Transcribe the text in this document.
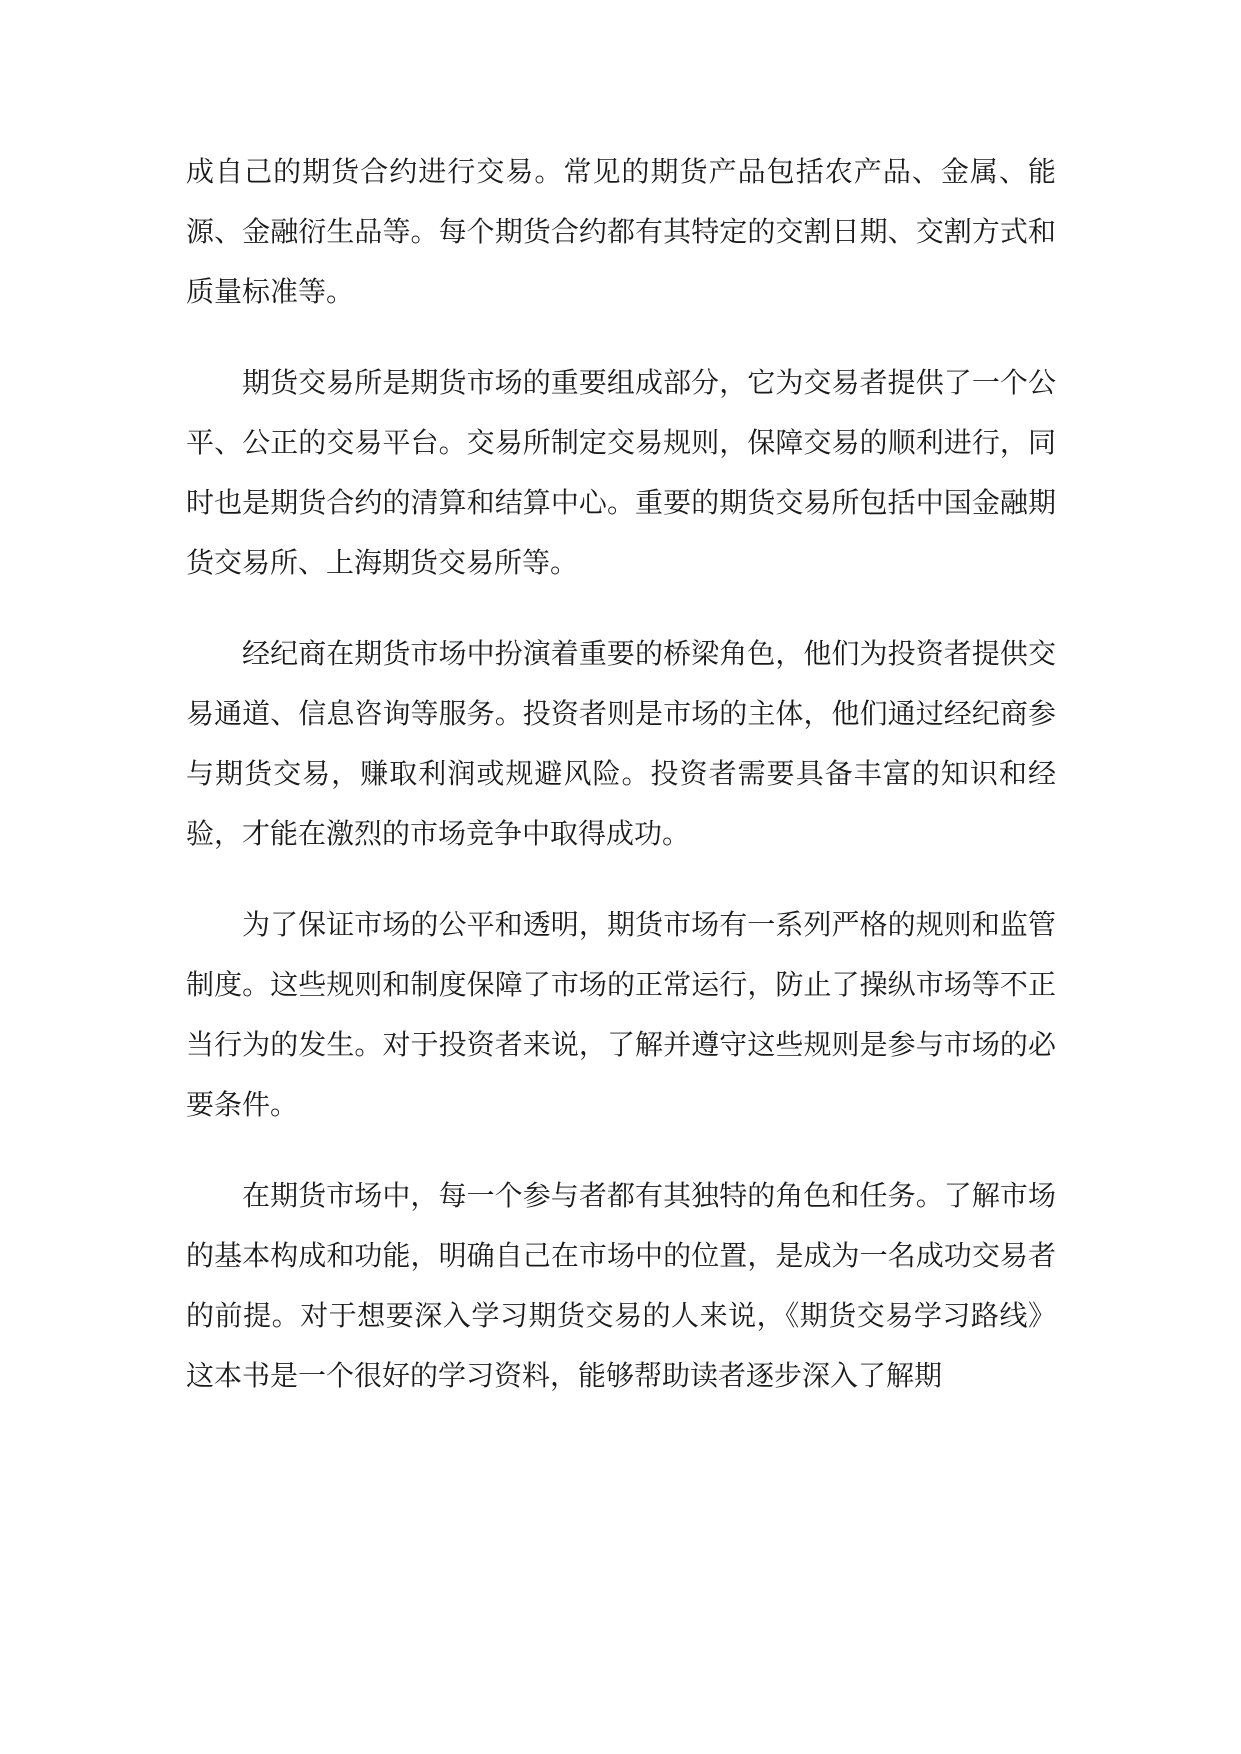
成自己的期货合约进行交易。常见的期货产品包括农产品、金属、能源、金融衍生品等。每个期货合约都有其特定的交割日期、交割方式和质量标准等。

期货交易所是期货市场的重要组成部分，它为交易者提供了一个公平、公正的交易平台。交易所制定交易规则，保障交易的顺利进行，同时也是期货合约的清算和结算中心。重要的期货交易所包括中国金融期货交易所、上海期货交易所等。

经纪商在期货市场中扮演着重要的桥梁角色，他们为投资者提供交易通道、信息咨询等服务。投资者则是市场的主体，他们通过经纪商参与期货交易，赚取利润或规避风险。投资者需要具备丰富的知识和经验，才能在激烈的市场竞争中取得成功。

为了保证市场的公平和透明，期货市场有一系列严格的规则和监管制度。这些规则和制度保障了市场的正常运行，防止了操纵市场等不正当行为的发生。对于投资者来说，了解并遵守这些规则是参与市场的必要条件。

在期货市场中，每一个参与者都有其独特的角色和任务。了解市场的基本构成和功能，明确自己在市场中的位置，是成为一名成功交易者的前提。对于想要深入学习期货交易的人来说，《期货交易学习路线》这本书是一个很好的学习资料，能够帮助读者逐步深入了解期
